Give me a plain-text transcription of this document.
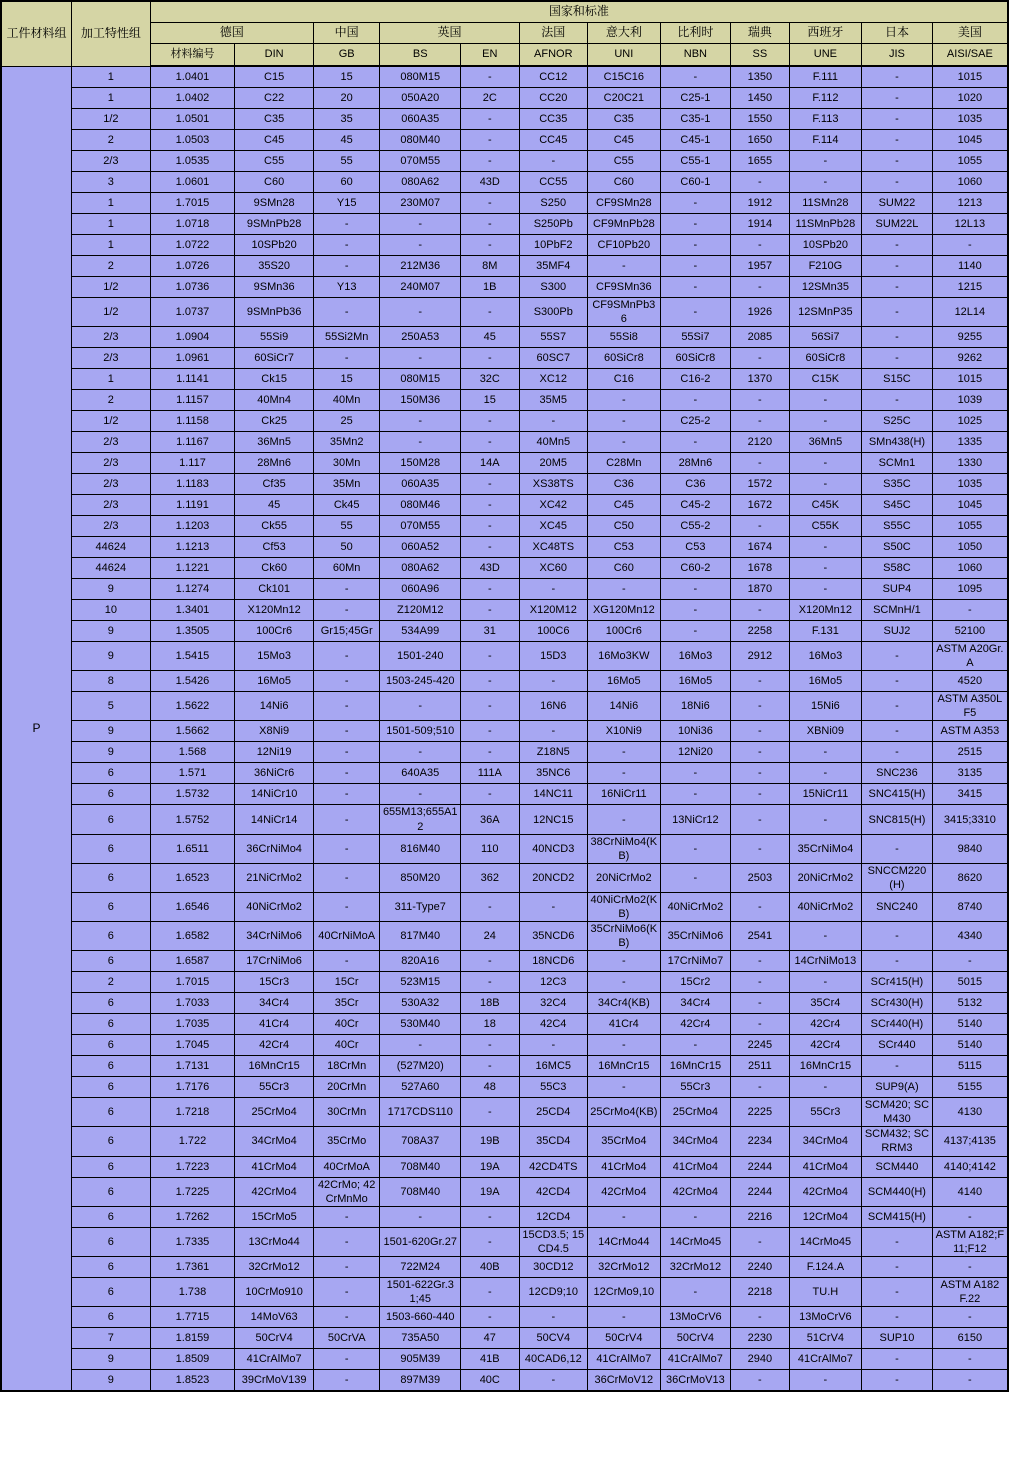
工件材料组	加工特性组	国家和标准											
		德国		中国	英国		法国	意大利	比利时	瑞典	西班牙	日本	美国
		材料编号	DIN	GB	BS	EN	AFNOR	UNI	NBN	SS	UNE	JIS	AISI/SAE
P	1	1.0401	C15	15	080M15	-	CC12	C15C16	-	1350	F.111	-	1015
	1	1.0402	C22	20	050A20	2C	CC20	C20C21	C25-1	1450	F.112	-	1020
	1/2	1.0501	C35	35	060A35	-	CC35	C35	C35-1	1550	F.113	-	1035
	2	1.0503	C45	45	080M40	-	CC45	C45	C45-1	1650	F.114	-	1045
	2/3	1.0535	C55	55	070M55	-	-	C55	C55-1	1655	-	-	1055
	3	1.0601	C60	60	080A62	43D	CC55	C60	C60-1	-	-	-	1060
	1	1.7015	9SMn28	Y15	230M07	-	S250	CF9SMn28	-	1912	11SMn28	SUM22	1213
	1	1.0718	9SMnPb28	-	-	-	S250Pb	CF9MnPb28	-	1914	11SMnPb28	SUM22L	12L13
	1	1.0722	10SPb20	-	-	-	10PbF2	CF10Pb20	-	-	10SPb20	-	-
	2	1.0726	35S20	-	212M36	8M	35MF4	-	-	1957	F210G	-	1140
	1/2	1.0736	9SMn36	Y13	240M07	1B	S300	CF9SMn36	-	-	12SMn35	-	1215
	1/2	1.0737	9SMnPb36	-	-	-	S300Pb	CF9SMnPb36	-	1926	12SMnP35	-	12L14
	2/3	1.0904	55Si9	55Si2Mn	250A53	45	55S7	55Si8	55Si7	2085	56Si7	-	9255
	2/3	1.0961	60SiCr7	-	-	-	60SC7	60SiCr8	60SiCr8	-	60SiCr8	-	9262
	1	1.1141	Ck15	15	080M15	32C	XC12	C16	C16-2	1370	C15K	S15C	1015
	2	1.1157	40Mn4	40Mn	150M36	15	35M5	-	-	-	-	-	1039
	1/2	1.1158	Ck25	25	-	-	-	-	C25-2	-	-	S25C	1025
	2/3	1.1167	36Mn5	35Mn2	-	-	40Mn5	-	-	2120	36Mn5	SMn438(H)	1335
	2/3	1.117	28Mn6	30Mn	150M28	14A	20M5	C28Mn	28Mn6	-	-	SCMn1	1330
	2/3	1.1183	Cf35	35Mn	060A35	-	XS38TS	C36	C36	1572	-	S35C	1035
	2/3	1.1191	45	Ck45	080M46	-	XC42	C45	C45-2	1672	C45K	S45C	1045
	2/3	1.1203	Ck55	55	070M55	-	XC45	C50	C55-2	-	C55K	S55C	1055
	44624	1.1213	Cf53	50	060A52	-	XC48TS	C53	C53	1674	-	S50C	1050
	44624	1.1221	Ck60	60Mn	080A62	43D	XC60	C60	C60-2	1678	-	S58C	1060
	9	1.1274	Ck101	-	060A96	-	-	-	-	1870	-	SUP4	1095
	10	1.3401	X120Mn12	-	Z120M12	-	X120M12	XG120Mn12	-	-	X120Mn12	SCMnH/1	-
	9	1.3505	100Cr6	Gr15;45Gr	534A99	31	100C6	100Cr6	-	2258	F.131	SUJ2	52100
	9	1.5415	15Mo3	-	1501-240	-	15D3	16Mo3KW	16Mo3	2912	16Mo3	-	ASTM A20Gr.A
	8	1.5426	16Mo5	-	1503-245-420	-	-	16Mo5	16Mo5	-	16Mo5	-	4520
	5	1.5622	14Ni6	-	-	-	16N6	14Ni6	18Ni6	-	15Ni6	-	ASTM A350LF5
	9	1.5662	X8Ni9	-	1501-509;510	-	-	X10Ni9	10Ni36	-	XBNi09	-	ASTM A353
	9	1.568	12Ni19	-	-	-	Z18N5	-	12Ni20	-	-	-	2515
	6	1.571	36NiCr6	-	640A35	111A	35NC6	-	-	-	-	SNC236	3135
	6	1.5732	14NiCr10	-	-	-	14NC11	16NiCr11	-	-	15NiCr11	SNC415(H)	3415
	6	1.5752	14NiCr14	-	655M13;655A12	36A	12NC15	-	13NiCr12	-	-	SNC815(H)	3415;3310
	6	1.6511	36CrNiMo4	-	816M40	110	40NCD3	38CrNiMo4(KB)	-	-	35CrNiMo4	-	9840
	6	1.6523	21NiCrMo2	-	850M20	362	20NCD2	20NiCrMo2	-	2503	20NiCrMo2	SNCCM220(H)	8620
	6	1.6546	40NiCrMo2	-	311-Type7	-	-	40NiCrMo2(KB)	40NiCrMo2	-	40NiCrMo2	SNC240	8740
	6	1.6582	34CrNiMo6	40CrNiMoA	817M40	24	35NCD6	35CrNiMo6(KB)	35CrNiMo6	2541	-	-	4340
	6	1.6587	17CrNiMo6	-	820A16	-	18NCD6	-	17CrNiMo7	-	14CrNiMo13	-	-
	2	1.7015	15Cr3	15Cr	523M15	-	12C3	-	15Cr2	-	-	SCr415(H)	5015
	6	1.7033	34Cr4	35Cr	530A32	18B	32C4	34Cr4(KB)	34Cr4	-	35Cr4	SCr430(H)	5132
	6	1.7035	41Cr4	40Cr	530M40	18	42C4	41Cr4	42Cr4	-	42Cr4	SCr440(H)	5140
	6	1.7045	42Cr4	40Cr	-	-	-	-	-	2245	42Cr4	SCr440	5140
	6	1.7131	16MnCr15	18CrMn	(527M20)	-	16MC5	16MnCr15	16MnCr15	2511	16MnCr15	-	5115
	6	1.7176	55Cr3	20CrMn	527A60	48	55C3	-	55Cr3	-	-	SUP9(A)	5155
	6	1.7218	25CrMo4	30CrMn	1717CDS110	-	25CD4	25CrMo4(KB)	25CrMo4	2225	55Cr3	SCM420; SCM430	4130
	6	1.722	34CrMo4	35CrMo	708A37	19B	35CD4	35CrMo4	34CrMo4	2234	34CrMo4	SCM432; SCRRM3	4137;4135
	6	1.7223	41CrMo4	40CrMoA	708M40	19A	42CD4TS	41CrMo4	41CrMo4	2244	41CrMo4	SCM440	4140;4142
	6	1.7225	42CrMo4	42CrMo; 42CrMnMo	708M40	19A	42CD4	42CrMo4	42CrMo4	2244	42CrMo4	SCM440(H)	4140
	6	1.7262	15CrMo5	-	-	-	12CD4	-	-	2216	12CrMo4	SCM415(H)	-
	6	1.7335	13CrMo44	-	1501-620Gr.27	-	15CD3.5; 15CD4.5	14CrMo44	14CrMo45	-	14CrMo45	-	ASTM A182;F11;F12
	6	1.7361	32CrMo12	-	722M24	40B	30CD12	32CrMo12	32CrMo12	2240	F.124.A	-	-
	6	1.738	10CrMo910	-	1501-622Gr.31;45	-	12CD9;10	12CrMo9,10	-	2218	TU.H	-	ASTM A182 F.22
	6	1.7715	14MoV63	-	1503-660-440	-	-	-	13MoCrV6	-	13MoCrV6	-	-
	7	1.8159	50CrV4	50CrVA	735A50	47	50CV4	50CrV4	50CrV4	2230	51CrV4	SUP10	6150
	9	1.8509	41CrAlMo7	-	905M39	41B	40CAD6,12	41CrAlMo7	41CrAlMo7	2940	41CrAlMo7	-	-
	9	1.8523	39CrMoV139	-	897M39	40C	-	36CrMoV12	36CrMoV13	-	-	-	-
